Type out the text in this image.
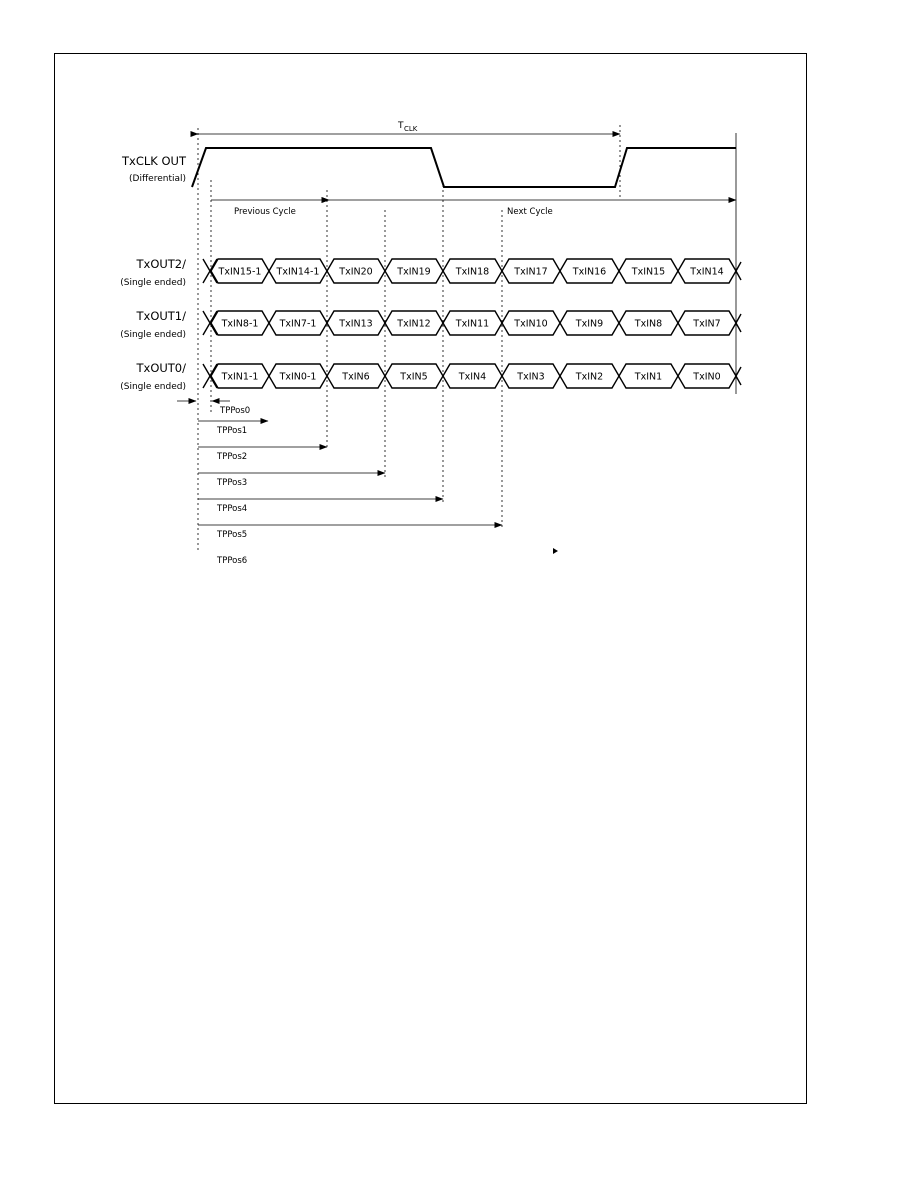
T CLK
TxCLK OUT
(Differential)
Previous Cycle	Next Cycle
TxOUT2/
(Single ended)
TxIN15-1 TxIN14-1 TxIN20	TxIN19	TxIN18	TxIN17	TxIN16	TxIN15	TxIN14
TxOUT1/
(Single ended)
TxIN8-1 TxIN7-1 TxIN13	TxIN12	TxIN11	TxIN10	TxIN9	TxIN8	TxIN7
TxOUT0/
(Single ended)
TxIN1-1 TxIN0-1	TxIN6	TxIN5	TxIN4	TxIN3	TxIN2	TxIN1	TxIN0
TPPos0
TPPos1
TPPos2
TPPos3
TPPos4
TPPos5
TPPos6
